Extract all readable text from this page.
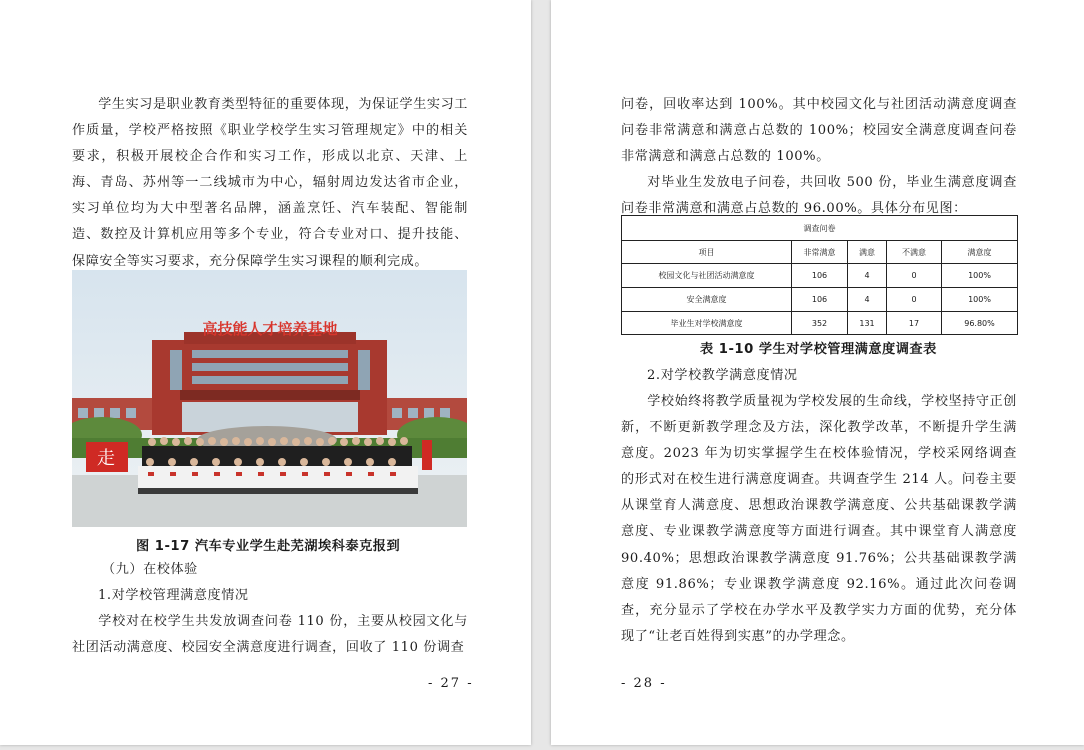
学生实习是职业教育类型特征的重要体现，为保证学生实习工作质量，学校严格按照《职业学校学生实习管理规定》中的相关要求，积极开展校企合作和实习工作，形成以北京、天津、上海、青岛、苏州等一二线城市为中心，辐射周边发达省市企业，实习单位均为大中型著名品牌，涵盖烹饪、汽车装配、智能制造、数控及计算机应用等多个专业，符合专业对口、提升技能、保障安全等实习要求，充分保障学生实习课程的顺利完成。

高技能人才培养基地
走
图 1-17 汽车专业学生赴芜湖埃科泰克报到

（九）在校体验

1.对学校管理满意度情况

学校对在校学生共发放调查问卷 110 份，主要从校园文化与社团活动满意度、校园安全满意度进行调查，回收了 110 份调查

- 27 -

问卷，回收率达到 100%。其中校园文化与社团活动满意度调查问卷非常满意和满意占总数的 100%；校园安全满意度调查问卷非常满意和满意占总数的 100%。

对毕业生发放电子问卷，共回收 500 份，毕业生满意度调查问卷非常满意和满意占总数的 96.00%。具体分布见图：

调查问卷				
项目	非常满意	满意	不满意	满意度
校园文化与社团活动满意度	106	4	0	100%
安全满意度	106	4	0	100%
毕业生对学校满意度	352	131	17	96.80%
表 1-10 学生对学校管理满意度调查表

2.对学校教学满意度情况

学校始终将教学质量视为学校发展的生命线，学校坚持守正创新，不断更新教学理念及方法，深化教学改革，不断提升学生满意度。2023 年为切实掌握学生在校体验情况，学校采网络调查的形式对在校生进行满意度调查。共调查学生 214 人。问卷主要从课堂育人满意度、思想政治课教学满意度、公共基础课教学满意度、专业课教学满意度等方面进行调查。其中课堂育人满意度 90.40%；思想政治课教学满意度 91.76%；公共基础课教学满意度 91.86%；专业课教学满意度 92.16%。通过此次问卷调查，充分显示了学校在办学水平及教学实力方面的优势，充分体现了“让老百姓得到实惠”的办学理念。

- 28 -
